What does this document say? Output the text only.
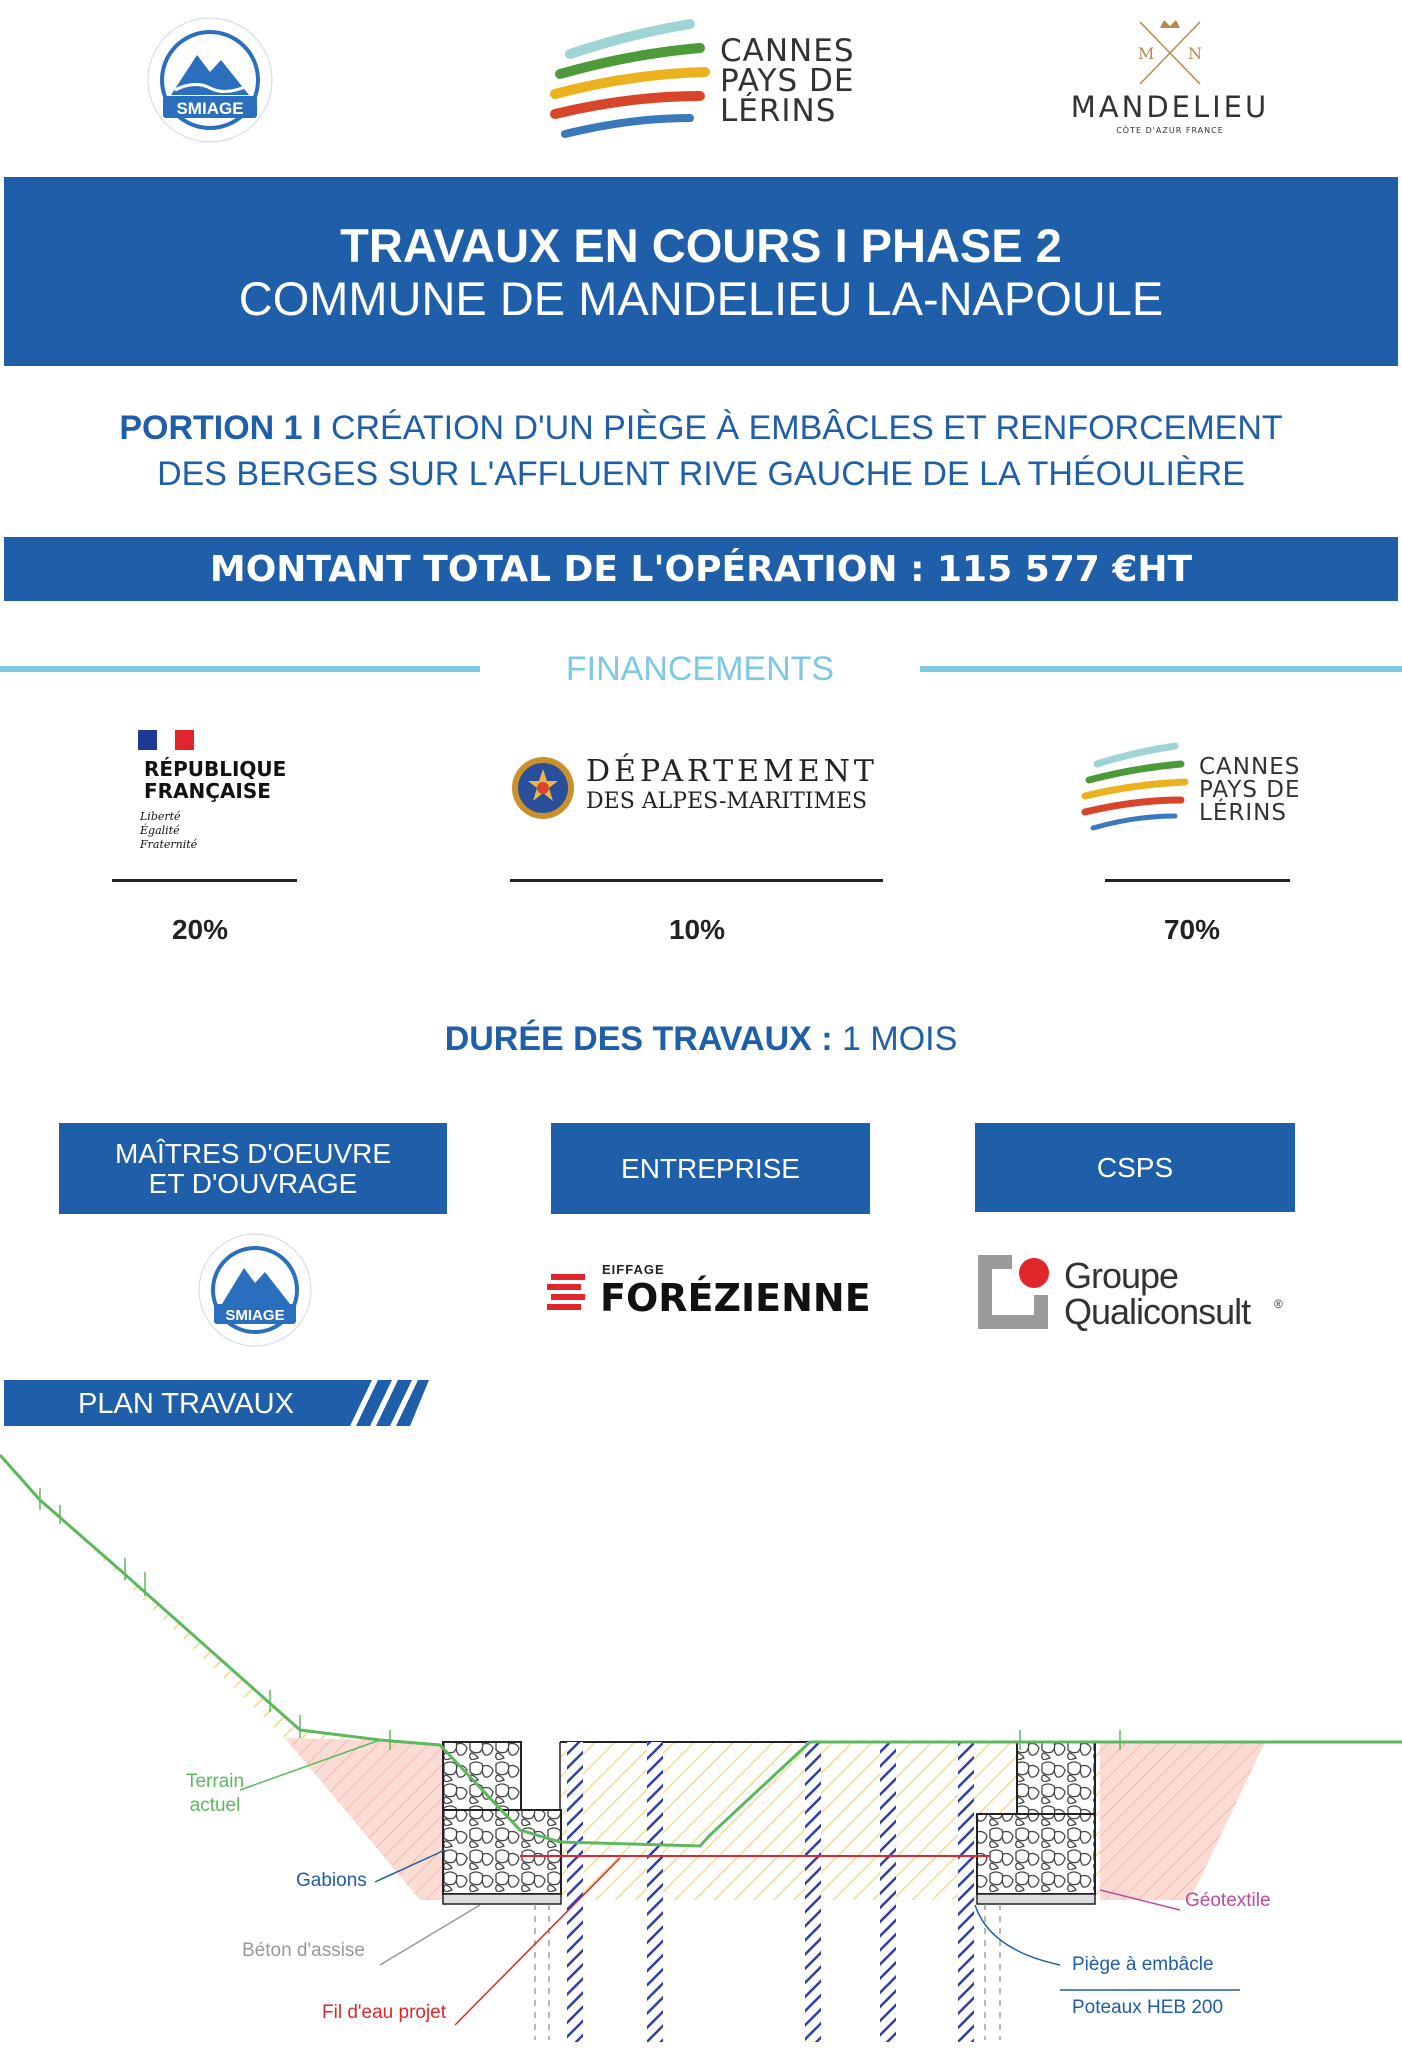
SMIAGE
CANNES
PAYS DE
LÉRINS
M N
MANDELIEU
CÔTE D'AZUR FRANCE
TRAVAUX EN COURS I PHASE 2
COMMUNE DE MANDELIEU LA-NAPOULE
PORTION 1 I CRÉATION D'UN PIÈGE À EMBÂCLES ET RENFORCEMENT
DES BERGES SUR L'AFFLUENT RIVE GAUCHE DE LA THÉOULIÈRE
MONTANT TOTAL DE L'OPÉRATION : 115 577 €HT
FINANCEMENTS
RÉPUBLIQUE
FRANÇAISE
Liberté
Égalité
Fraternité
DÉPARTEMENT
DES ALPES-MARITIMES
CANNES
PAYS DE
LÉRINS
20%	10%	70%
DURÉE DES TRAVAUX : 1 MOIS
MAÎTRES D'OEUVRE
ET D'OUVRAGE	ENTREPRISE	CSPS
SMIAGE
EIFFAGE
FORÉZIENNE
Groupe
Qualiconsult ®
PLAN TRAVAUX
Terrain
actuel
Gabions
Béton d'assise
Fil d'eau projet
Géotextile
Piège à embâcle
Poteaux HEB 200
